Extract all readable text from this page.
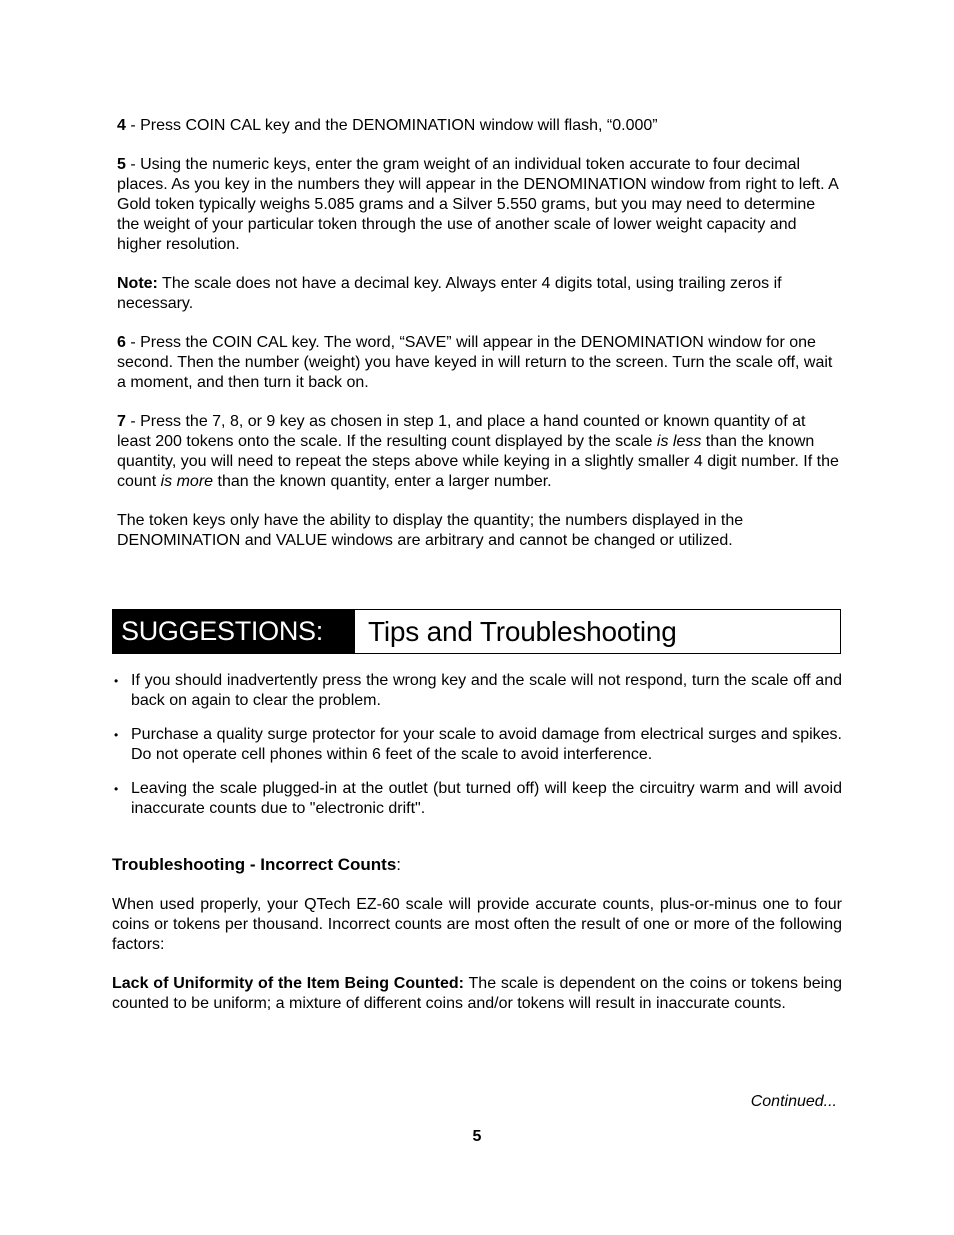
4 - Press COIN CAL key and the DENOMINATION window will flash, “0.000”

5 - Using the numeric keys, enter the gram weight of an individual token accurate to four decimal places. As you key in the numbers they will appear in the DENOMINATION window from right to left. A Gold token typically weighs 5.085 grams and a Silver 5.550 grams, but you may need to determine the weight of your particular token through the use of another scale of lower weight capacity and higher resolution.

Note: The scale does not have a decimal key. Always enter 4 digits total, using trailing zeros if necessary.

6 - Press the COIN CAL key. The word, “SAVE” will appear in the DENOMINATION window for one second. Then the number (weight) you have keyed in will return to the screen. Turn the scale off, wait a moment, and then turn it back on.

7 - Press the 7, 8, or 9 key as chosen in step 1, and place a hand counted or known quantity of at least 200 tokens onto the scale. If the resulting count displayed by the scale is less than the known quantity, you will need to repeat the steps above while keying in a slightly smaller 4 digit number. If the count is more than the known quantity, enter a larger number.

The token keys only have the ability to display the quantity; the numbers displayed in the DENOMINATION and VALUE windows are arbitrary and cannot be changed or utilized.

SUGGESTIONS:	Tips and Troubleshooting
• If you should inadvertently press the wrong key and the scale will not respond, turn the scale off and back on again to clear the problem.
• Purchase a quality surge protector for your scale to avoid damage from electrical surges and spikes. Do not operate cell phones within 6 feet of the scale to avoid interference.
• Leaving the scale plugged-in at the outlet (but turned off) will keep the circuitry warm and will avoid inaccurate counts due to "electronic drift".

Troubleshooting - Incorrect Counts:

When used properly, your QTech EZ-60 scale will provide accurate counts, plus-or-minus one to four coins or tokens per thousand. Incorrect counts are most often the result of one or more of the following factors:

Lack of Uniformity of the Item Being Counted: The scale is dependent on the coins or tokens being counted to be uniform; a mixture of different coins and/or tokens will result in inaccurate counts.

Continued...
5
